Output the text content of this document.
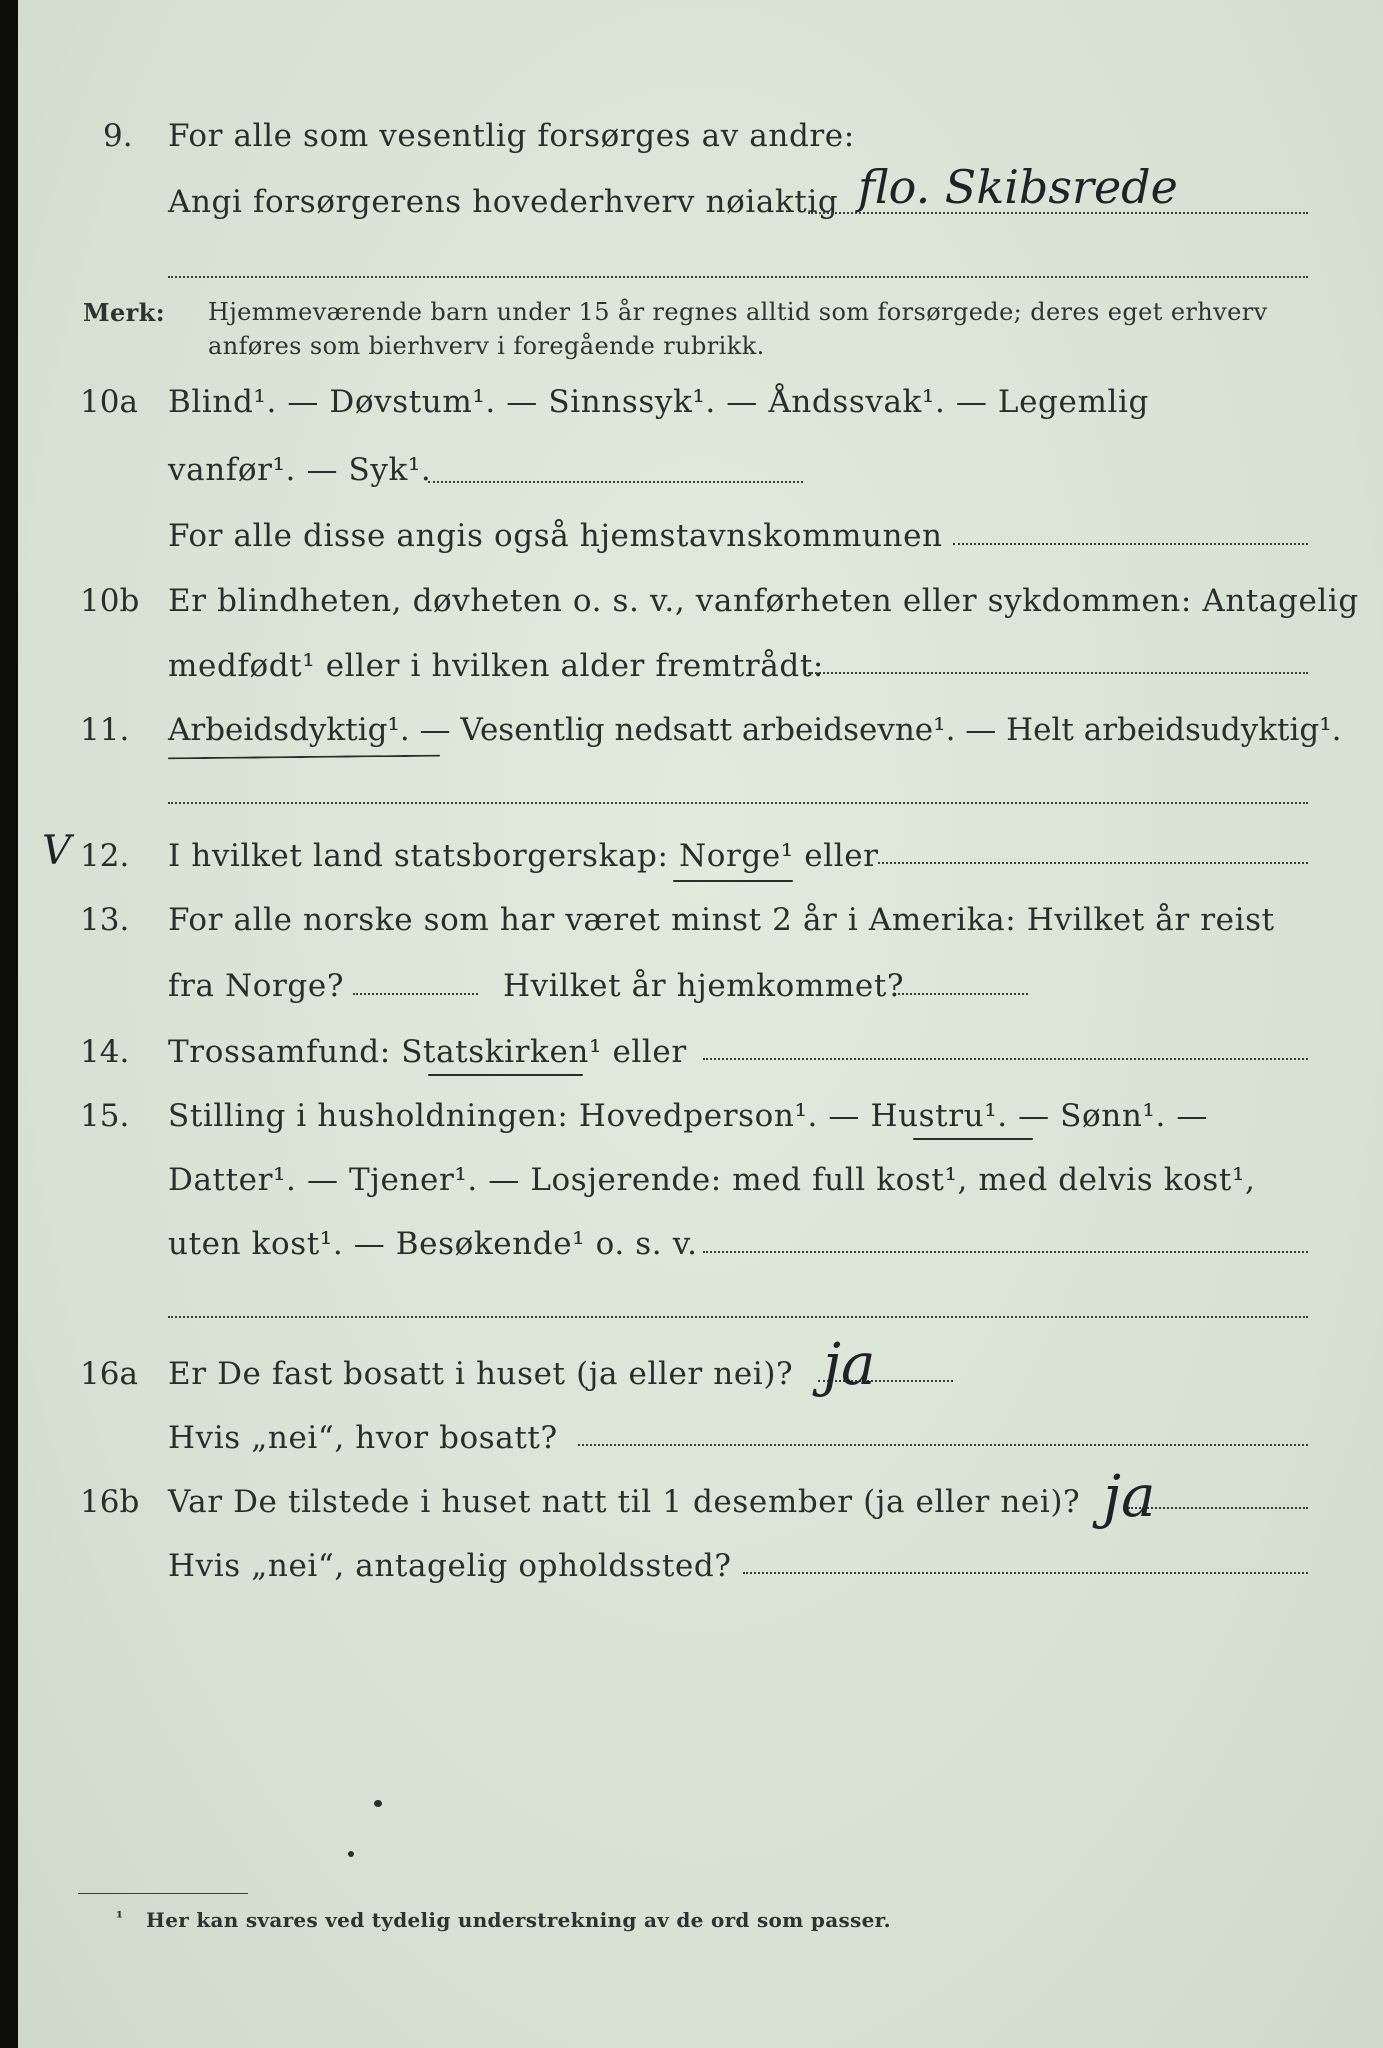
9. For alle som vesentlig forsørges av andre:
Angi forsørgerens hovederhverv nøiaktig flo. Skibsrede
Merk: Hjemmeværende barn under 15 år regnes alltid som forsørgede; deres eget erhverv
anføres som bierhverv i foregående rubrikk.
10a Blind¹. — Døvstum¹. — Sinnssyk¹. — Åndssvak¹. — Legemlig
vanfør¹. — Syk¹.
For alle disse angis også hjemstavnskommunen
10b Er blindheten, døvheten o. s. v., vanførheten eller sykdommen: Antagelig
medfødt¹ eller i hvilken alder fremtrådt:
11. Arbeidsdyktig¹. — Vesentlig nedsatt arbeidsevne¹. — Helt arbeidsudyktig¹.
V 12. I hvilket land statsborgerskap: Norge¹ eller
13. For alle norske som har været minst 2 år i Amerika: Hvilket år reist
fra Norge?	Hvilket år hjemkommet?
14. Trossamfund: Statskirken¹ eller
15. Stilling i husholdningen: Hovedperson¹. — Hustru¹. — Sønn¹. —
Datter¹. — Tjener¹. — Losjerende: med full kost¹, med delvis kost¹,
uten kost¹. — Besøkende¹ o. s. v.
16a Er De fast bosatt i huset (ja eller nei)? ja
Hvis „nei“, hvor bosatt?
16b Var De tilstede i huset natt til 1 desember (ja eller nei)? ja
Hvis „nei“, antagelig opholdssted?
¹ Her kan svares ved tydelig understrekning av de ord som passer.
